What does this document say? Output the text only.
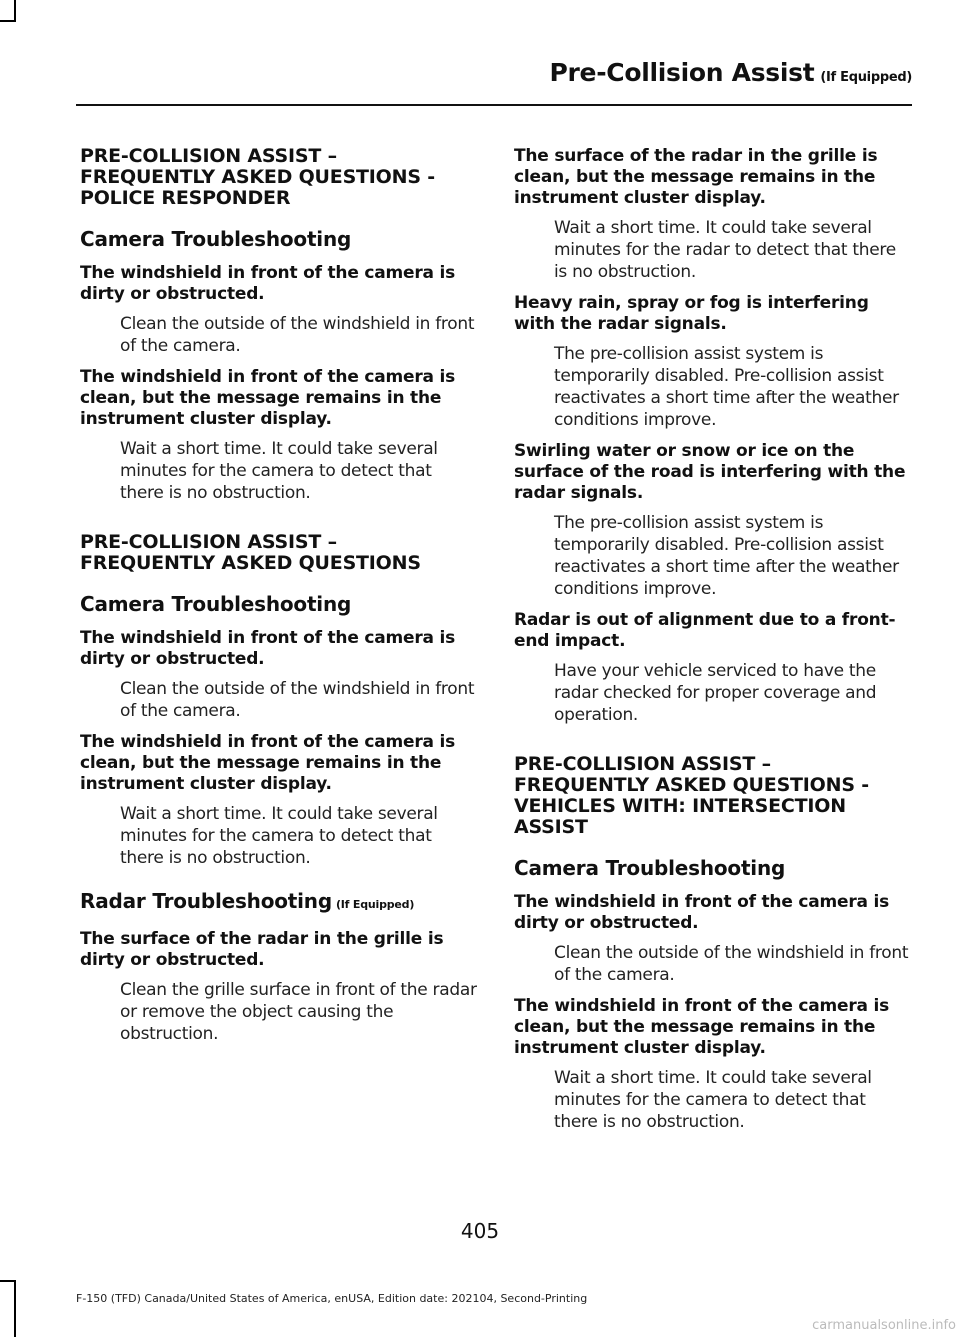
Pre-Collision Assist (If Equipped)
PRE-COLLISION ASSIST – FREQUENTLY ASKED QUESTIONS - POLICE RESPONDER
Camera Troubleshooting
The windshield in front of the camera is dirty or obstructed.
Clean the outside of the windshield in front of the camera.
The windshield in front of the camera is clean, but the message remains in the instrument cluster display.
Wait a short time. It could take several minutes for the camera to detect that there is no obstruction.
PRE-COLLISION ASSIST – FREQUENTLY ASKED QUESTIONS
Camera Troubleshooting
The windshield in front of the camera is dirty or obstructed.
Clean the outside of the windshield in front of the camera.
The windshield in front of the camera is clean, but the message remains in the instrument cluster display.
Wait a short time. It could take several minutes for the camera to detect that there is no obstruction.
Radar Troubleshooting (If Equipped)
The surface of the radar in the grille is dirty or obstructed.
Clean the grille surface in front of the radar or remove the object causing the obstruction.
The surface of the radar in the grille is clean, but the message remains in the instrument cluster display.
Wait a short time. It could take several minutes for the radar to detect that there is no obstruction.
Heavy rain, spray or fog is interfering with the radar signals.
The pre-collision assist system is temporarily disabled. Pre-collision assist reactivates a short time after the weather conditions improve.
Swirling water or snow or ice on the surface of the road is interfering with the radar signals.
The pre-collision assist system is temporarily disabled. Pre-collision assist reactivates a short time after the weather conditions improve.
Radar is out of alignment due to a front-end impact.
Have your vehicle serviced to have the radar checked for proper coverage and operation.
PRE-COLLISION ASSIST – FREQUENTLY ASKED QUESTIONS - VEHICLES WITH: INTERSECTION ASSIST
Camera Troubleshooting
The windshield in front of the camera is dirty or obstructed.
Clean the outside of the windshield in front of the camera.
The windshield in front of the camera is clean, but the message remains in the instrument cluster display.
Wait a short time. It could take several minutes for the camera to detect that there is no obstruction.
405
F-150 (TFD) Canada/United States of America, enUSA, Edition date: 202104, Second-Printing
carmanualsonline.info
